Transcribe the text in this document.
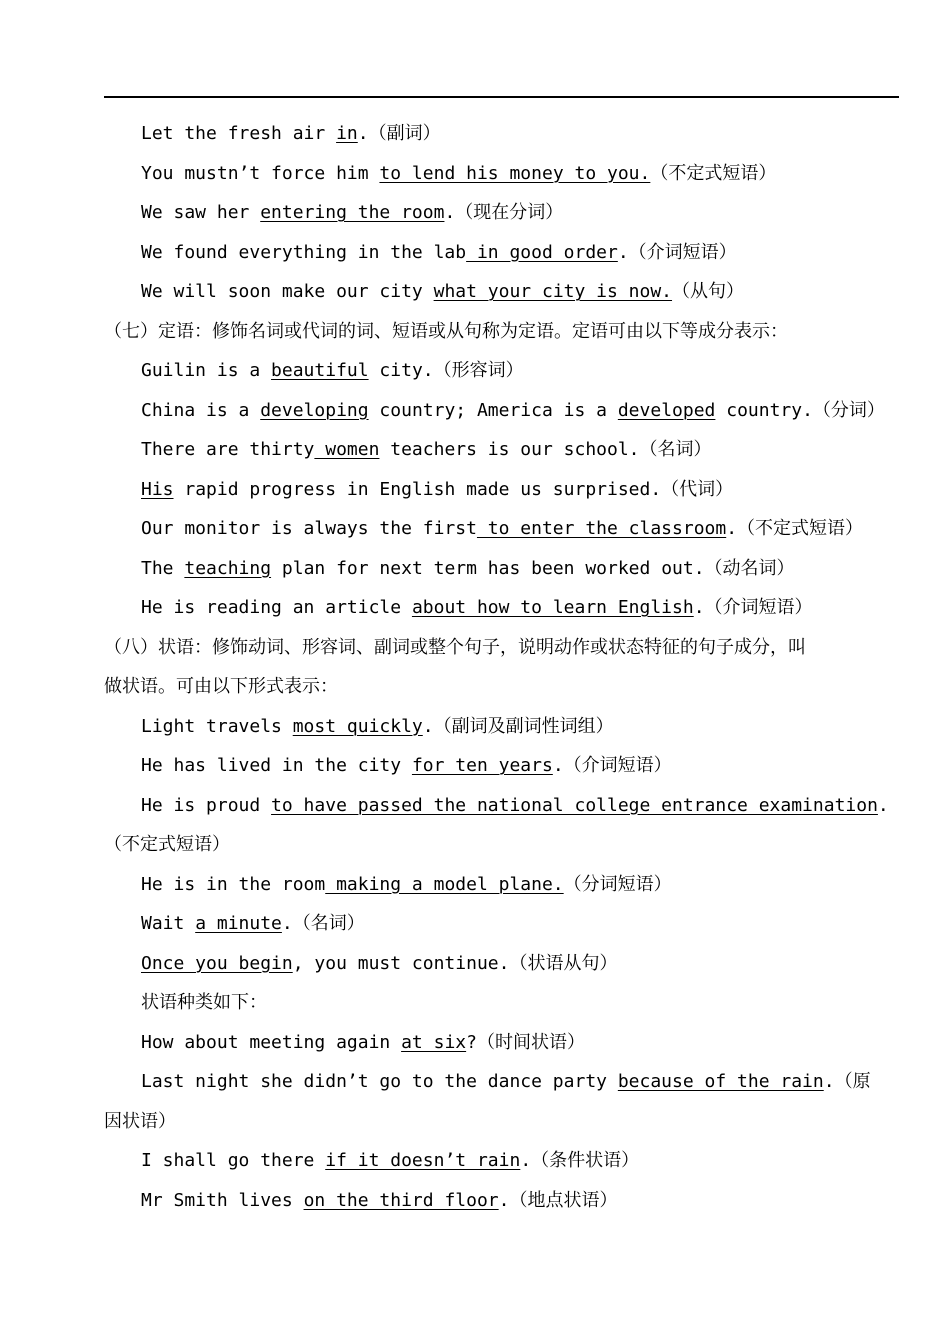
Let the fresh air in.（副词）
You mustn’t force him to lend his money to you.（不定式短语）
We saw her entering the room.（现在分词）
We found everything in the lab in good order.（介词短语）
We will soon make our city what your city is now.（从句）
（七）定语：修饰名词或代词的词、短语或从句称为定语。定语可由以下等成分表示：
Guilin is a beautiful city.（形容词）
China is a developing country; America is a developed country.（分词）
There are thirty women teachers is our school.（名词）
His rapid progress in English made us surprised.（代词）
Our monitor is always the first to enter the classroom.（不定式短语）
The teaching plan for next term has been worked out.（动名词）
He is reading an article about how to learn English.（介词短语）
（八）状语：修饰动词、形容词、副词或整个句子，说明动作或状态特征的句子成分，叫
做状语。可由以下形式表示：
Light travels most quickly.（副词及副词性词组）
He has lived in the city for ten years.（介词短语）
He is proud to have passed the national college entrance examination.
（不定式短语）
He is in the room making a model plane.（分词短语）
Wait a minute.（名词）
Once you begin, you must continue.（状语从句）
状语种类如下：
How about meeting again at six?（时间状语）
Last night she didn’t go to the dance party because of the rain.（原
因状语）
I shall go there if it doesn’t rain.（条件状语）
Mr Smith lives on the third floor.（地点状语）
